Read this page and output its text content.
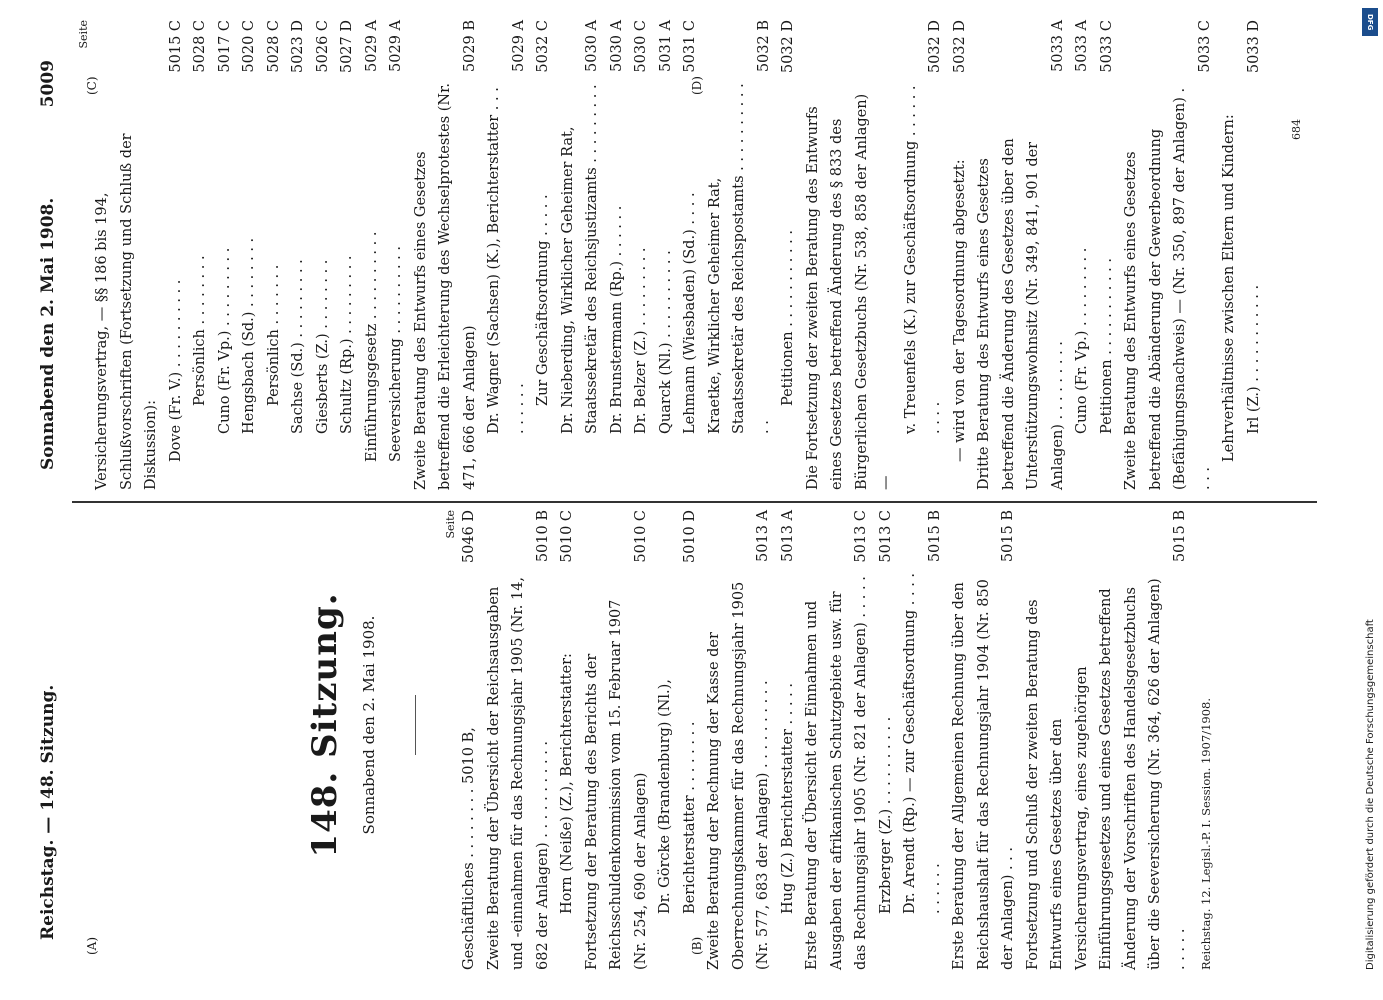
Reichstag. — 148. Sitzung.
Sonnabend den 2. Mai 1908.
5009
(A)	(B)
(C)	(D)
148. Sitzung. Sonnabend den 2. Mai 1908.
Seite
Geschäftliches . . . . . . . . 5010 B,
5046 D
Zweite Beratung der Übersicht der Reichsausgaben und -einnahmen für das Rechnungsjahr 1905 (Nr. 14, 682 der Anlagen) . . . . . . . . . . .
5010 B
Horn (Neiße) (Z.), Berichterstatter:
5010 C
Fortsetzung der Beratung des Berichts der Reichsschuldenkommission vom 15. Februar 1907 (Nr. 254, 690 der Anlagen)
5010 C
Dr. Görcke (Brandenburg) (Nl.), Berichterstatter . . . . . . . .
5010 D
Zweite Beratung der Rechnung der Kasse der Oberrechnungskammer für das Rechnungsjahr 1905 (Nr. 577, 683 der Anlagen) . . . . . . . . . .
5013 A
Hug (Z.) Berichterstatter . . . . .
5013 A
Erste Beratung der Übersicht der Einnahmen und Ausgaben der afrikanischen Schutzgebiete usw. für das Rechnungsjahr 1905 (Nr. 821 der Anlagen) . . . . .
5013 C
Erzberger (Z.) . . . . . . . . . .
5013 C
Dr. Arendt (Rp.) — zur Geschäftsordnung . . . . . . . . . .
5015 B
Erste Beratung der Allgemeinen Rechnung über den Reichshaushalt für das Rechnungsjahr 1904 (Nr. 850 der Anlagen) . . .
5015 B
Fortsetzung und Schluß der zweiten Beratung des Entwurfs eines Gesetzes über den Versicherungsvertrag, eines zugehörigen Einführungsgesetzes und eines Gesetzes betreffend Änderung der Vorschriften des Handelsgesetzbuchs über die Seeversicherung (Nr. 364, 626 der Anlagen) . . . . .
5015 B
Reichstag. 12. Legisl.-P. I. Session. 1907/1908.
Seite
Versicherungsvertrag, — §§ 186 bis 194, Schlußvorschriften (Fortsetzung und Schluß der Diskussion): Dove (Fr. V.) . . . . . . . . . .
5015 C
Persönlich . . . . . . . .
5028 C
Cuno (Fr. Vp.) . . . . . . . . .
5017 C
Hengsbach (Sd.) . . . . . . . .
5020 C
Persönlich . . . . . . .
5028 C
Sachse (Sd.) . . . . . . . . .
5023 D
Giesberts (Z.) . . . . . . . .
5026 C
Schultz (Rp.) . . . . . . . . .
5027 D
Einführungsgesetz . . . . . . . . . .
5029 A
Seeversicherung . . . . . . . . . .
5029 A
Zweite Beratung des Entwurfs eines Gesetzes betreffend die Erleichterung des Wechselprotestes (Nr. 471, 666 der Anlagen)
5029 B
Dr. Wagner (Sachsen) (K.), Berichterstatter . . . . . . . . .
5029 A
Zur Geschäftsordnung . . . . .
5032 C
Dr. Nieberding, Wirklicher Geheimer Rat, Staatssekretär des Reichsjustizamts . . . . . . . . .
5030 A
Dr. Brunstermann (Rp.) . . . . . .
5030 A
Dr. Belzer (Z.) . . . . . . . . .
5030 C
Quarck (Nl.) . . . . . . . . . .
5031 A
Lehmann (Wiesbaden) (Sd.) . . . .
5031 C
Kraetke, Wirklicher Geheimer Rat, Staatssekretär des Reichspostamts . . . . . . . . . . . .
5032 B
Petitionen . . . . . . . . . . .
5032 D
Die Fortsetzung der zweiten Beratung des Entwurfs eines Gesetzes betreffend Änderung des § 833 des Bürgerlichen Gesetzbuchs (Nr. 538, 858 der Anlagen) —
v. Treuenfels (K.) zur Geschäftsordnung . . . . . . . . . .
5032 D
— wird von der Tagesordnung abgesetzt:
5032 D
Dritte Beratung des Entwurfs eines Gesetzes betreffend die Änderung des Gesetzes über den Unterstützungswohnsitz (Nr. 349, 841, 901 der Anlagen) . . . . . . . . .
5033 A
Cuno (Fr. Vp.) . . . . . . . . .
5033 A
Petitionen . . . . . . . . . . .
5033 C
Zweite Beratung des Entwurfs eines Gesetzes betreffend die Abänderung der Gewerbeordnung (Befähigungsnachweis) — (Nr. 350, 897 der Anlagen) . . . .
5033 C
Lehrverhältnisse zwischen Eltern und Kindern: Irl (Z.) . . . . . . . . . . .
5033 D
684
DFG
Digitalisierung gefördert durch die Deutsche Forschungsgemeinschaft
